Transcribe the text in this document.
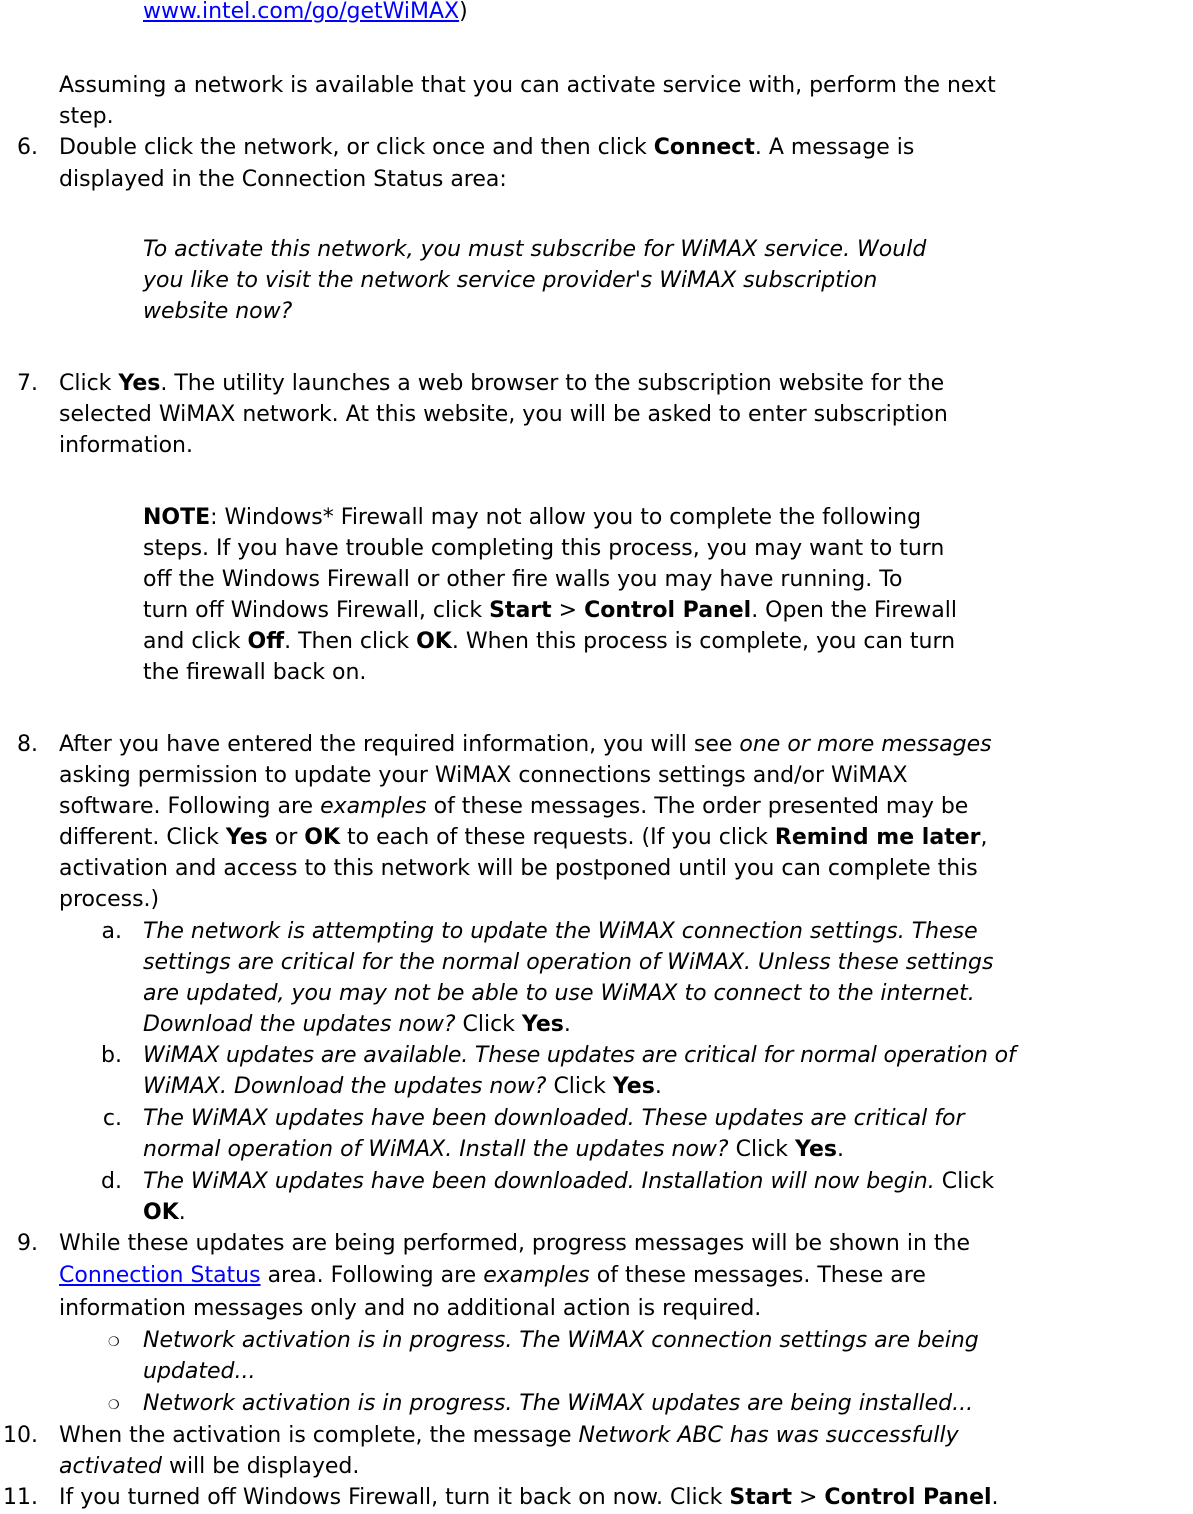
www.intel.com/go/getWiMAX)
Assuming a network is available that you can activate service with, perform the next
step.
6. Double click the network, or click once and then click Connect. A message is
displayed in the Connection Status area:
To activate this network, you must subscribe for WiMAX service. Would
you like to visit the network service provider's WiMAX subscription
website now?
7. Click Yes. The utility launches a web browser to the subscription website for the
selected WiMAX network. At this website, you will be asked to enter subscription
information.
NOTE: Windows* Firewall may not allow you to complete the following
steps. If you have trouble completing this process, you may want to turn
off the Windows Firewall or other fire walls you may have running. To
turn off Windows Firewall, click Start > Control Panel. Open the Firewall
and click Off. Then click OK. When this process is complete, you can turn
the firewall back on.
8. After you have entered the required information, you will see one or more messages
asking permission to update your WiMAX connections settings and/or WiMAX
software. Following are examples of these messages. The order presented may be
different. Click Yes or OK to each of these requests. (If you click Remind me later,
activation and access to this network will be postponed until you can complete this
process.)
a. The network is attempting to update the WiMAX connection settings. These
settings are critical for the normal operation of WiMAX. Unless these settings
are updated, you may not be able to use WiMAX to connect to the internet.
Download the updates now? Click Yes.
b. WiMAX updates are available. These updates are critical for normal operation of
WiMAX. Download the updates now? Click Yes.
c. The WiMAX updates have been downloaded. These updates are critical for
normal operation of WiMAX. Install the updates now? Click Yes.
d. The WiMAX updates have been downloaded. Installation will now begin. Click
OK.
9. While these updates are being performed, progress messages will be shown in the
Connection Status area. Following are examples of these messages. These are
information messages only and no additional action is required.
❍ Network activation is in progress. The WiMAX connection settings are being
updated...
❍ Network activation is in progress. The WiMAX updates are being installed...
10. When the activation is complete, the message Network ABC has was successfully
activated will be displayed.
11. If you turned off Windows Firewall, turn it back on now. Click Start > Control Panel.
